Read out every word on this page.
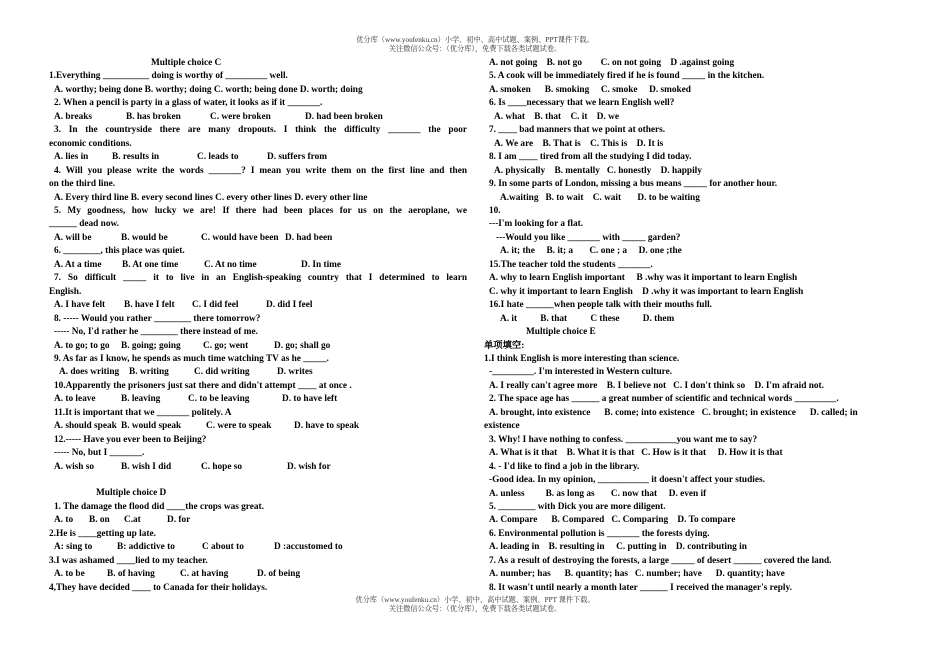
优分库（www.youfenku.cn）小学、初中、高中试题、案例、PPT课件下载。
关注微信公众号：（优分库），免费下载各类试题试卷。
Multiple choice C
1.Everything __________ doing is worthy of _________ well.
A. worthy; being done B. worthy; doing C. worth; being done D. worth; doing
2. When a pencil is party in a glass of water, it looks as if it _______.
A. breaks	B. has broken	C. were broken	D. had been broken
3. In the countryside there are many dropouts. I think the difficulty _______ the poor
economic conditions.
A. lies in	B. results in	C. leads to	D. suffers from
4. Will you please write the words _______? I mean you write them on the first line and then
on the third line.
A. Every third line B. every second lines C. every other lines D. every other line
5. My goodness, how lucky we are! If there had been places for us on the aeroplane, we
______ dead now.
A. will be	B. would be	C. would have been D. had been
6. ________, this place was quiet.
A. At a time B. At one time	C. At no time	D. In time
7. So difficult _____ it to live in an English-speaking country that I determined to learn
English.
A. I have felt B. have I felt C. I did feel	D. did I feel
8. ----- Would you rather ________ there tomorrow?
----- No, I'd rather he ________ there instead of me.
A. to go; to go B. going; going C. go; went	D. go; shall go
9. As far as I know, he spends as much time watching TV as he _____.
A. does writing B. writing	C. did writing	D. writes
10.Apparently the prisoners just sat there and didn't attempt ____ at once .
A. to leave	B. leaving	C. to be leaving	D. to have left
11.It is important that we _______ politely. A
A. should speak B. would speak	C. were to speak D. have to speak
12.----- Have you ever been to Beijing?
----- No, but I _______.
A. wish so	B. wish I did	C. hope so	D. wish for
Multiple choice D
1. The damage the flood did ____the crops was great.
A. to B. on C.at	D. for
2.He is ____getting up late.
A: sing to	B: addictive to	C about to	D :accustomed to
3.I was ashamed ____lied to my teacher.
A. to be B. of having	C. at having	D. of being
4,They have decided ____ to Canada for their holidays.
A. not going    B. not go        C. on not going    D .against going
5. A cook will be immediately fired if he is found _____ in the kitchen.
A. smoken      B. smoking     C. smoke     D. smoked
6. Is ____necessary that we learn English well?
A. what    B. that    C. it    D. we
7. ____ bad manners that we point at others.
A. We are    B. That is    C. This is    D. It is
8. I am ____ tired from all the studying I did today.
A. physically    B. mentally   C. honestly    D. happily
9. In some parts of London, missing a bus means _____ for another hour.
A.waiting   B. to wait    C. wait       D. to be waiting
10.
---I'm looking for a flat.
---Would you like _______ with _____ garden?
A. it; the     B. it; a       C. one ; a     D. one ;the
15.The teacher told the students _______.
A. why to learn English important     B .why was it important to learn English
C. why it important to learn English    D .why it was important to learn English
16.I hate ______when people talk with their mouths full.
A. it          B. that          C these          D. them
Multiple choice E
单项填空:
1.I think English is more interesting than science.
-_________. I'm interested in Western culture.
A. I really can't agree more    B. I believe not   C. I don't think so    D. I'm afraid not.
2. The space age has ______ a great number of scientific and technical words _________.
A. brought, into existence      B. come; into existence   C. brought; in existence      D. called; in
existence
3. Why! I have nothing to confess. ___________you want me to say?
A. What is it that    B. What it is that   C. How is it that     D. How it is that
4. - I'd like to find a job in the library.
-Good idea. In my opinion, ___________ it doesn't affect your studies.
A. unless         B. as long as       C. now that     D. even if
5. ________ with Dick you are more diligent.
A. Compare      B. Compared   C. Comparing    D. To compare
6. Environmental pollution is _______ the forests dying.
A. leading in    B. resulting in     C. putting in    D. contributing in
7. As a result of destroying the forests, a large _____ of desert ______ covered the land.
A. number; has      B. quantity; has   C. number; have      D. quantity; have
8. It wasn't until nearly a month later ______ I received the manager's reply.
优分库（www.youfenku.cn）小学、初中、高中试题、案例、PPT 课件下载。
关注微信公众号：（优分库），免费下载各类试题试卷。
